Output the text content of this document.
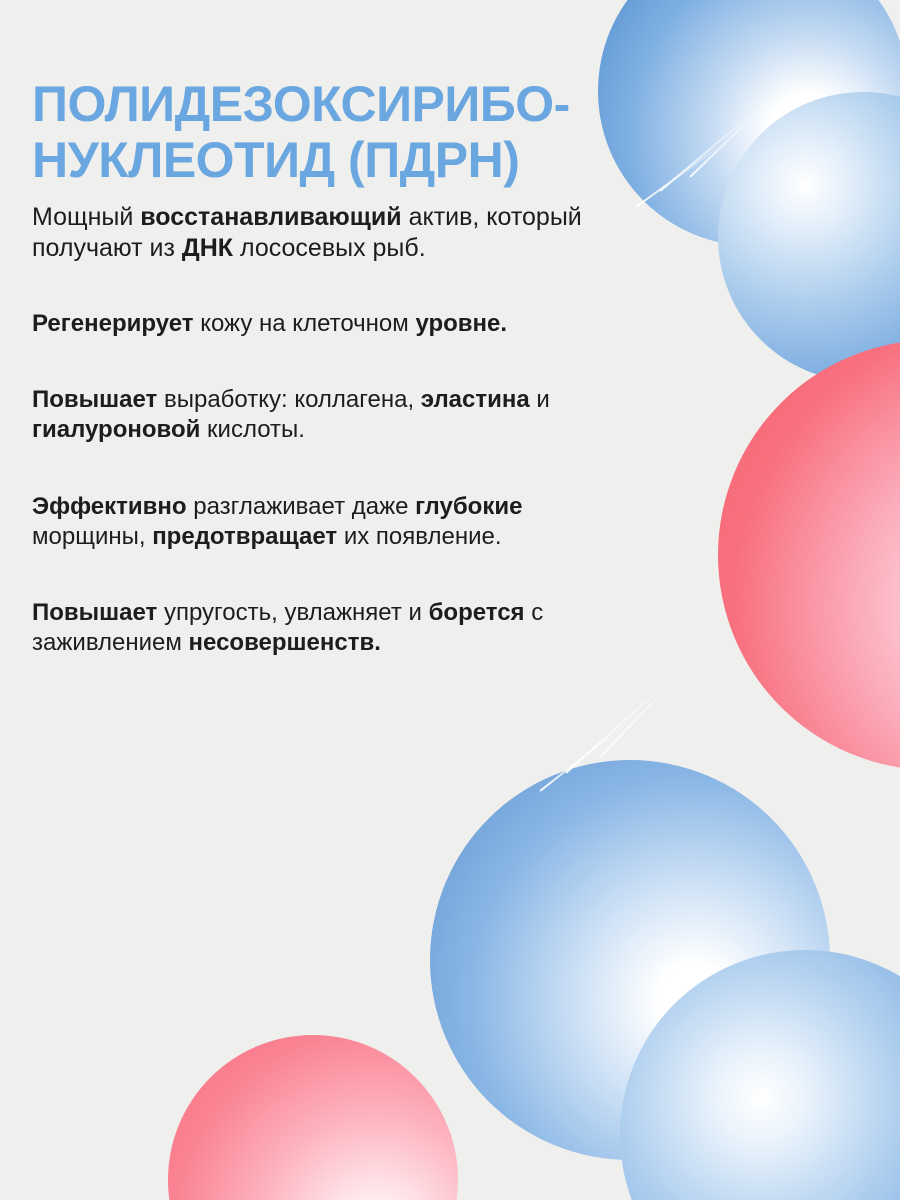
ПОЛИДЕЗОКСИРИБО-НУКЛЕОТИД (ПДРН)

Мощный восстанавливающий актив, который получают из ДНК лососевых рыб.

Регенерирует кожу на клеточном уровне.

Повышает выработку: коллагена, эластина и гиалуроновой кислоты.

Эффективно разглаживает даже глубокие морщины, предотвращает их появление.

Повышает упругость, увлажняет и борется с заживлением несовершенств.
